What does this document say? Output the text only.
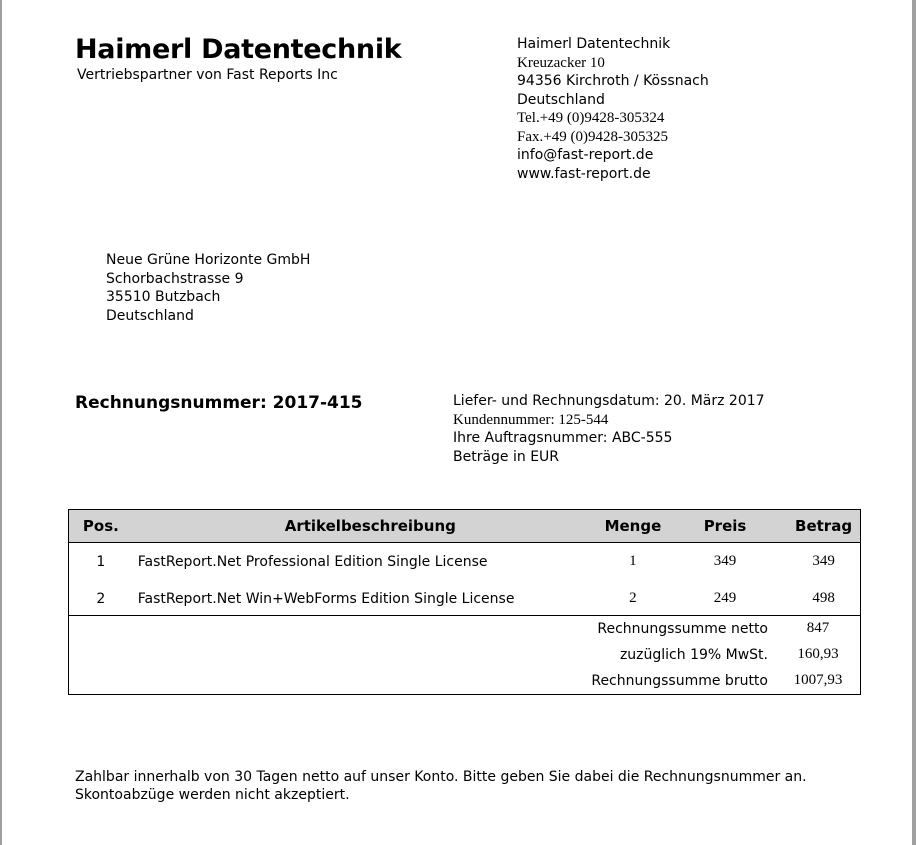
Haimerl Datentechnik
Vertriebspartner von Fast Reports Inc
Haimerl Datentechnik
Kreuzacker 10
94356 Kirchroth / Kössnach
Deutschland
Tel.+49 (0)9428-305324
Fax.+49 (0)9428-305325
info@fast-report.de
www.fast-report.de
Neue Grüne Horizonte GmbH
Schorbachstrasse 9
35510 Butzbach
Deutschland
Rechnungsnummer: 2017-415	Liefer- und Rechnungsdatum: 20. März 2017
Kundennummer: 125-544
Ihre Auftragsnummer: ABC-555
Beträge in EUR
Pos.	Artikelbeschreibung	Menge	Preis	Betrag
1	FastReport.Net Professional Edition Single License	1	349	349
2	FastReport.Net Win+WebForms Edition Single License	2	249	498
Rechnungssumme netto	847
zuzüglich 19% MwSt.	160,93
Rechnungssumme brutto	1007,93
Zahlbar innerhalb von 30 Tagen netto auf unser Konto. Bitte geben Sie dabei die Rechnungsnummer an.
Skontoabzüge werden nicht akzeptiert.
